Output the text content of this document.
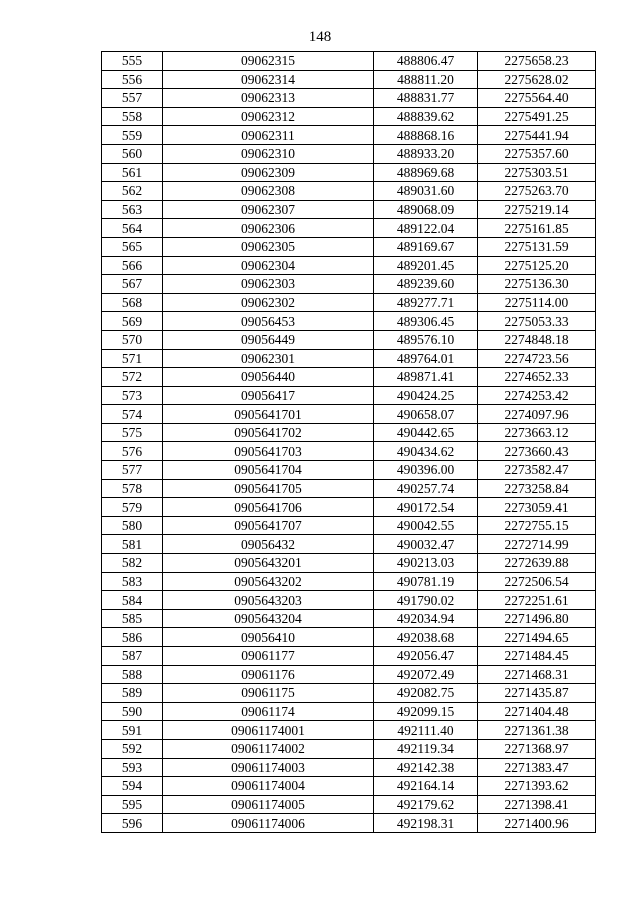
148
555	09062315	488806.47	2275658.23
556	09062314	488811.20	2275628.02
557	09062313	488831.77	2275564.40
558	09062312	488839.62	2275491.25
559	09062311	488868.16	2275441.94
560	09062310	488933.20	2275357.60
561	09062309	488969.68	2275303.51
562	09062308	489031.60	2275263.70
563	09062307	489068.09	2275219.14
564	09062306	489122.04	2275161.85
565	09062305	489169.67	2275131.59
566	09062304	489201.45	2275125.20
567	09062303	489239.60	2275136.30
568	09062302	489277.71	2275114.00
569	09056453	489306.45	2275053.33
570	09056449	489576.10	2274848.18
571	09062301	489764.01	2274723.56
572	09056440	489871.41	2274652.33
573	09056417	490424.25	2274253.42
574	0905641701	490658.07	2274097.96
575	0905641702	490442.65	2273663.12
576	0905641703	490434.62	2273660.43
577	0905641704	490396.00	2273582.47
578	0905641705	490257.74	2273258.84
579	0905641706	490172.54	2273059.41
580	0905641707	490042.55	2272755.15
581	09056432	490032.47	2272714.99
582	0905643201	490213.03	2272639.88
583	0905643202	490781.19	2272506.54
584	0905643203	491790.02	2272251.61
585	0905643204	492034.94	2271496.80
586	09056410	492038.68	2271494.65
587	09061177	492056.47	2271484.45
588	09061176	492072.49	2271468.31
589	09061175	492082.75	2271435.87
590	09061174	492099.15	2271404.48
591	09061174001	492111.40	2271361.38
592	09061174002	492119.34	2271368.97
593	09061174003	492142.38	2271383.47
594	09061174004	492164.14	2271393.62
595	09061174005	492179.62	2271398.41
596	09061174006	492198.31	2271400.96
